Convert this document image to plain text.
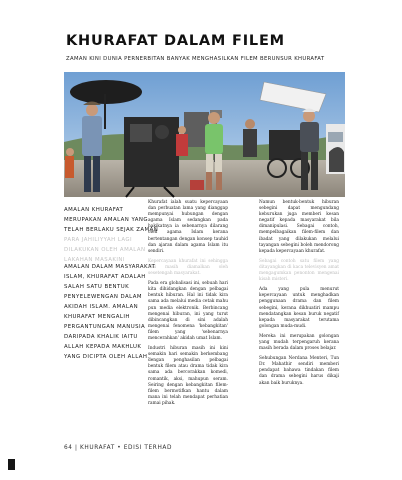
KHURAFAT DALAM FILEM
ZAMAN KINI DUNIA PERNERBITAN BANYAK MENGHASILKAN FILEM BERUNSUR KHURAFAT
AMALAN KHURAFAT
MERUPAKAN AMALAN YANG
TELAH BERLAKU SEJAK ZAMAN
PARA JAHILIYYAH LAGI
DILAKUKAN OLEH AMALAN
LAKAHAN MASAKINI
AMALAN DALAM MASYARAKAT
ISLAM, KHURAFAT ADALAH
SALAH SATU BENTUK
PENYELEWENGAN DALAM
AKIDAH ISLAM. AMALAN
KHURAFAT MENGALIH
PERGANTUNGAN MANUSIA
DARIPADA KHALIK IAITU
ALLAH KEPADA MAKHLUK
YANG DICIPTA OLEH ALLAH.

Khurafat ialah suatu kepercayaan dan perbuatan lama yang dianggap mempunyai hubungan dengan agama Islam sedangkan pada hakikatnya ia sebenarnya dilarang oleh agama Islam kerana bertentangan dengan konsep tauhid dan ajaran dalam agama Islam itu sendiri.

Kepercayaan khurafat ini sehingga kini masih diamalkan oleh sesetengah masyarakat.

Pada era globalisasi ini, sebuah hari kita dihidangkan dengan pelbagai bentuk hiburan. Hal ini tidak kira sama ada melalui media cetak mahu pun media elektronik. Berbincang mengenai hiburan, ini yang turut dibincangkan di sini adalah mengenai fenomena 'kebangkitan' filem yang 'sebenarnya mencerahkan' akidah umat Islam.

Industri hiburan masih ini kini semakin hari semakin berkembang dengan penghasilan pelbagai bentuk filem atau drama tidak kira sama ada bercorakkan komedi, romantik, aksi, mahupun seram. Seiring dengan kebangkitan filem-filem bermotifkan hantu dalam mana ini telah mendapat perhatian ramai pihak.

Namun bentuk-bentuk hiburan sebegini dapat mengundang keburukan juga memberi kesan negatif kepada masyarakat bila dimanipulasi. Sebagai contoh, mempelbagaikan filem-filem dan ibadat yang dilakukan melalui tayangan sebegini boleh mendorong kepada kepercayaan khurafat.

Sebagai contoh satu filem yang ditayangkan di kaca televisyen amat mengagumkan penonton mengenai kisah misteri.

Ada yang pula menurut kepercayaan untuk menghadkan penggunaan drama dan filem sebegini, kerana dikhuatiri mampu mendatangkan kesan buruk negatif kepada masyarakat terutama golongan muda-mudi.

Mereka ini merupakan golongan yang mudah terpengaruh kerana masih berada dalam proses belajar.

Sehubungan Nerdana Menteri, Tun Dr. Mahathir sendiri memberi pendapat bahawa tindakan filem dan drama sebegini harus dikaji akan baik buruknya.

64 | KHURAFAT • EDISI TERHAD
